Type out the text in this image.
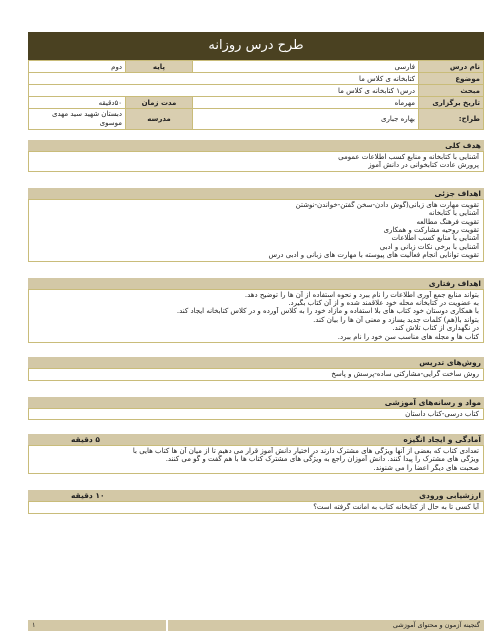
طرح درس روزانه
نام درس	فارسی	پایه	دوم
موضوع	کتابخانه ی کلاس ما		
مبحث	درس۱ کتابخانه ی کلاس ما		
تاریخ برگزاری	مهرماه	مدت زمان	۵۰دقیقه
طراح:	بهاره جباری	مدرسه	دبستان شهید سید مهدی موسوی
هدف کلی
آشنایی با کتابخانه و منابع کسب اطلاعات عمومی
پرورش عادت کتابخوانی در دانش آموز
اهداف جزئی
تقویت مهارت های زبانی(گوش دادن-سخن گفتن-خواندن-نوشتن
آشنایی با کتابخانه
تقویت فرهنگ مطالعه
تقویت روحیه مشارکت و همکاری
آشنایی با منابع کسب اطلاعات
آشنایی با برخی نکات زبانی و ادبی
تقویت توانایی انجام فعالیت های پیوسته با مهارت های زبانی و ادبی درس
اهداف رفتاری
بتواند منابع جمع آوری اطلاعات را نام ببرد و نحوه استفاده از آن ها را توضیح دهد.
به عضویت در کتابخانه محله خود علاقمند شده و از آن کتاب بگیرد.
با همکاری دوستان خود کتاب های بلا استفاده و مازاد خود را به کلاس آورده و در کلاس کتابخانه ایجاد کند.
بتواند با(هم) کلمات جدید بسازد و معنی آن ها را بیان کند.
در نگهداری از کتاب تلاش کند.
کتاب ها و مجله های مناسب سن خود را نام ببرد.
روش‌های تدریس
روش ساخت گرایی-مشارکتی ساده-پرسش و پاسخ
مواد و رسانه‌های آموزشی
کتاب درسی-کتاب داستان
آمادگی و ایجاد انگیزه
۵ دقیقه
تعدادی کتاب که بعضی از آنها ویژگی های مشترک دارند در اختیار دانش آموز قرار می دهیم تا از میان آن ها کتاب هایی با
ویژگی های مشترک را پیدا کنند. دانش آموزان راجع به ویژگی های مشترک کتاب ها با هم گفت و گو می کنند.
صحبت های دیگر اعضا را می شنوند.
ارزشیابی ورودی
۱۰ دقیقه
آیا کسی تا به حال از کتابخانه کتاب به امانت گرفته است؟
گنجینه آزمون و محتوای آموزشی
۱
